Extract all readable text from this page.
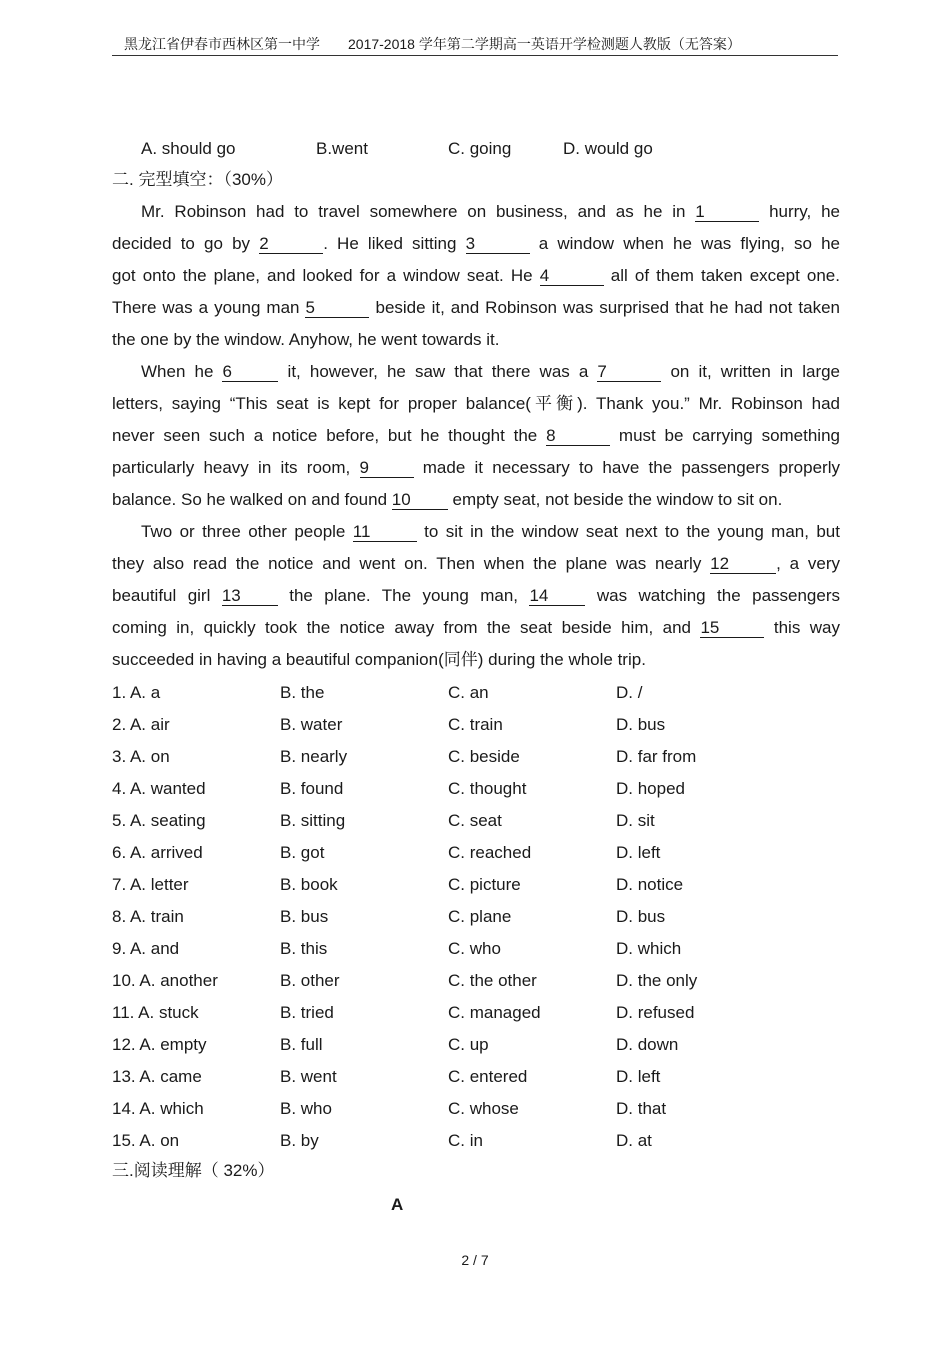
黑龙江省伊春市西林区第一中学 2017-2018 学年第二学期高一英语开学检测题人教版（无答案）
A. should go	B.went	C. going	D. would go
二. 完型填空：（30%）
Mr. Robinson had to travel somewhere on business, and as he in 1	hurry, he
decided to go by 2	. He liked sitting 3	a window when he was flying, so he
got onto the plane, and looked for a window seat. He 4	all of them taken except one.
There was a young man 5	beside it, and Robinson was surprised that he had not taken
the one by the window. Anyhow, he went towards it.
When he 6	it, however, he saw that there was a 7	on it, written in large
letters, saying “This seat is kept for proper balance(平衡). Thank you.” Mr. Robinson had
never seen such a notice before, but he thought the 8	must be carrying something
particularly heavy in its room, 9	made it necessary to have the passengers properly
balance. So he walked on and found 10 empty seat, not beside the window to sit on.
Two or three other people 11	to sit in the window seat next to the young man, but
they also read the notice and went on. Then when the plane was nearly 12	, a very
beautiful girl 13 the plane. The young man, 14 was watching the passengers
coming in, quickly took the notice away from the seat beside him, and 15	this way
succeeded in having a beautiful companion(同伴) during the whole trip.
1. A. a	B. the	C. an	D. /
2. A. air	B. water	C. train	D. bus
3. A. on	B. nearly	C. beside	D. far from
4. A. wanted	B. found	C. thought	D. hoped
5. A. seating	B. sitting	C. seat	D. sit
6. A. arrived	B. got	C. reached	D. left
7. A. letter	B. book	C. picture	D. notice
8. A. train	B. bus	C. plane	D. bus
9. A. and	B. this	C. who	D. which
10. A. another	B. other	C. the other	D. the only
11. A. stuck	B. tried	C. managed	D. refused
12. A. empty	B. full	C. up	D. down
13. A. came	B. went	C. entered	D. left
14. A. which	B. who	C. whose	D. that
15. A. on	B. by	C. in	D. at
三.阅读理解（ 32%）
A
2 / 7
